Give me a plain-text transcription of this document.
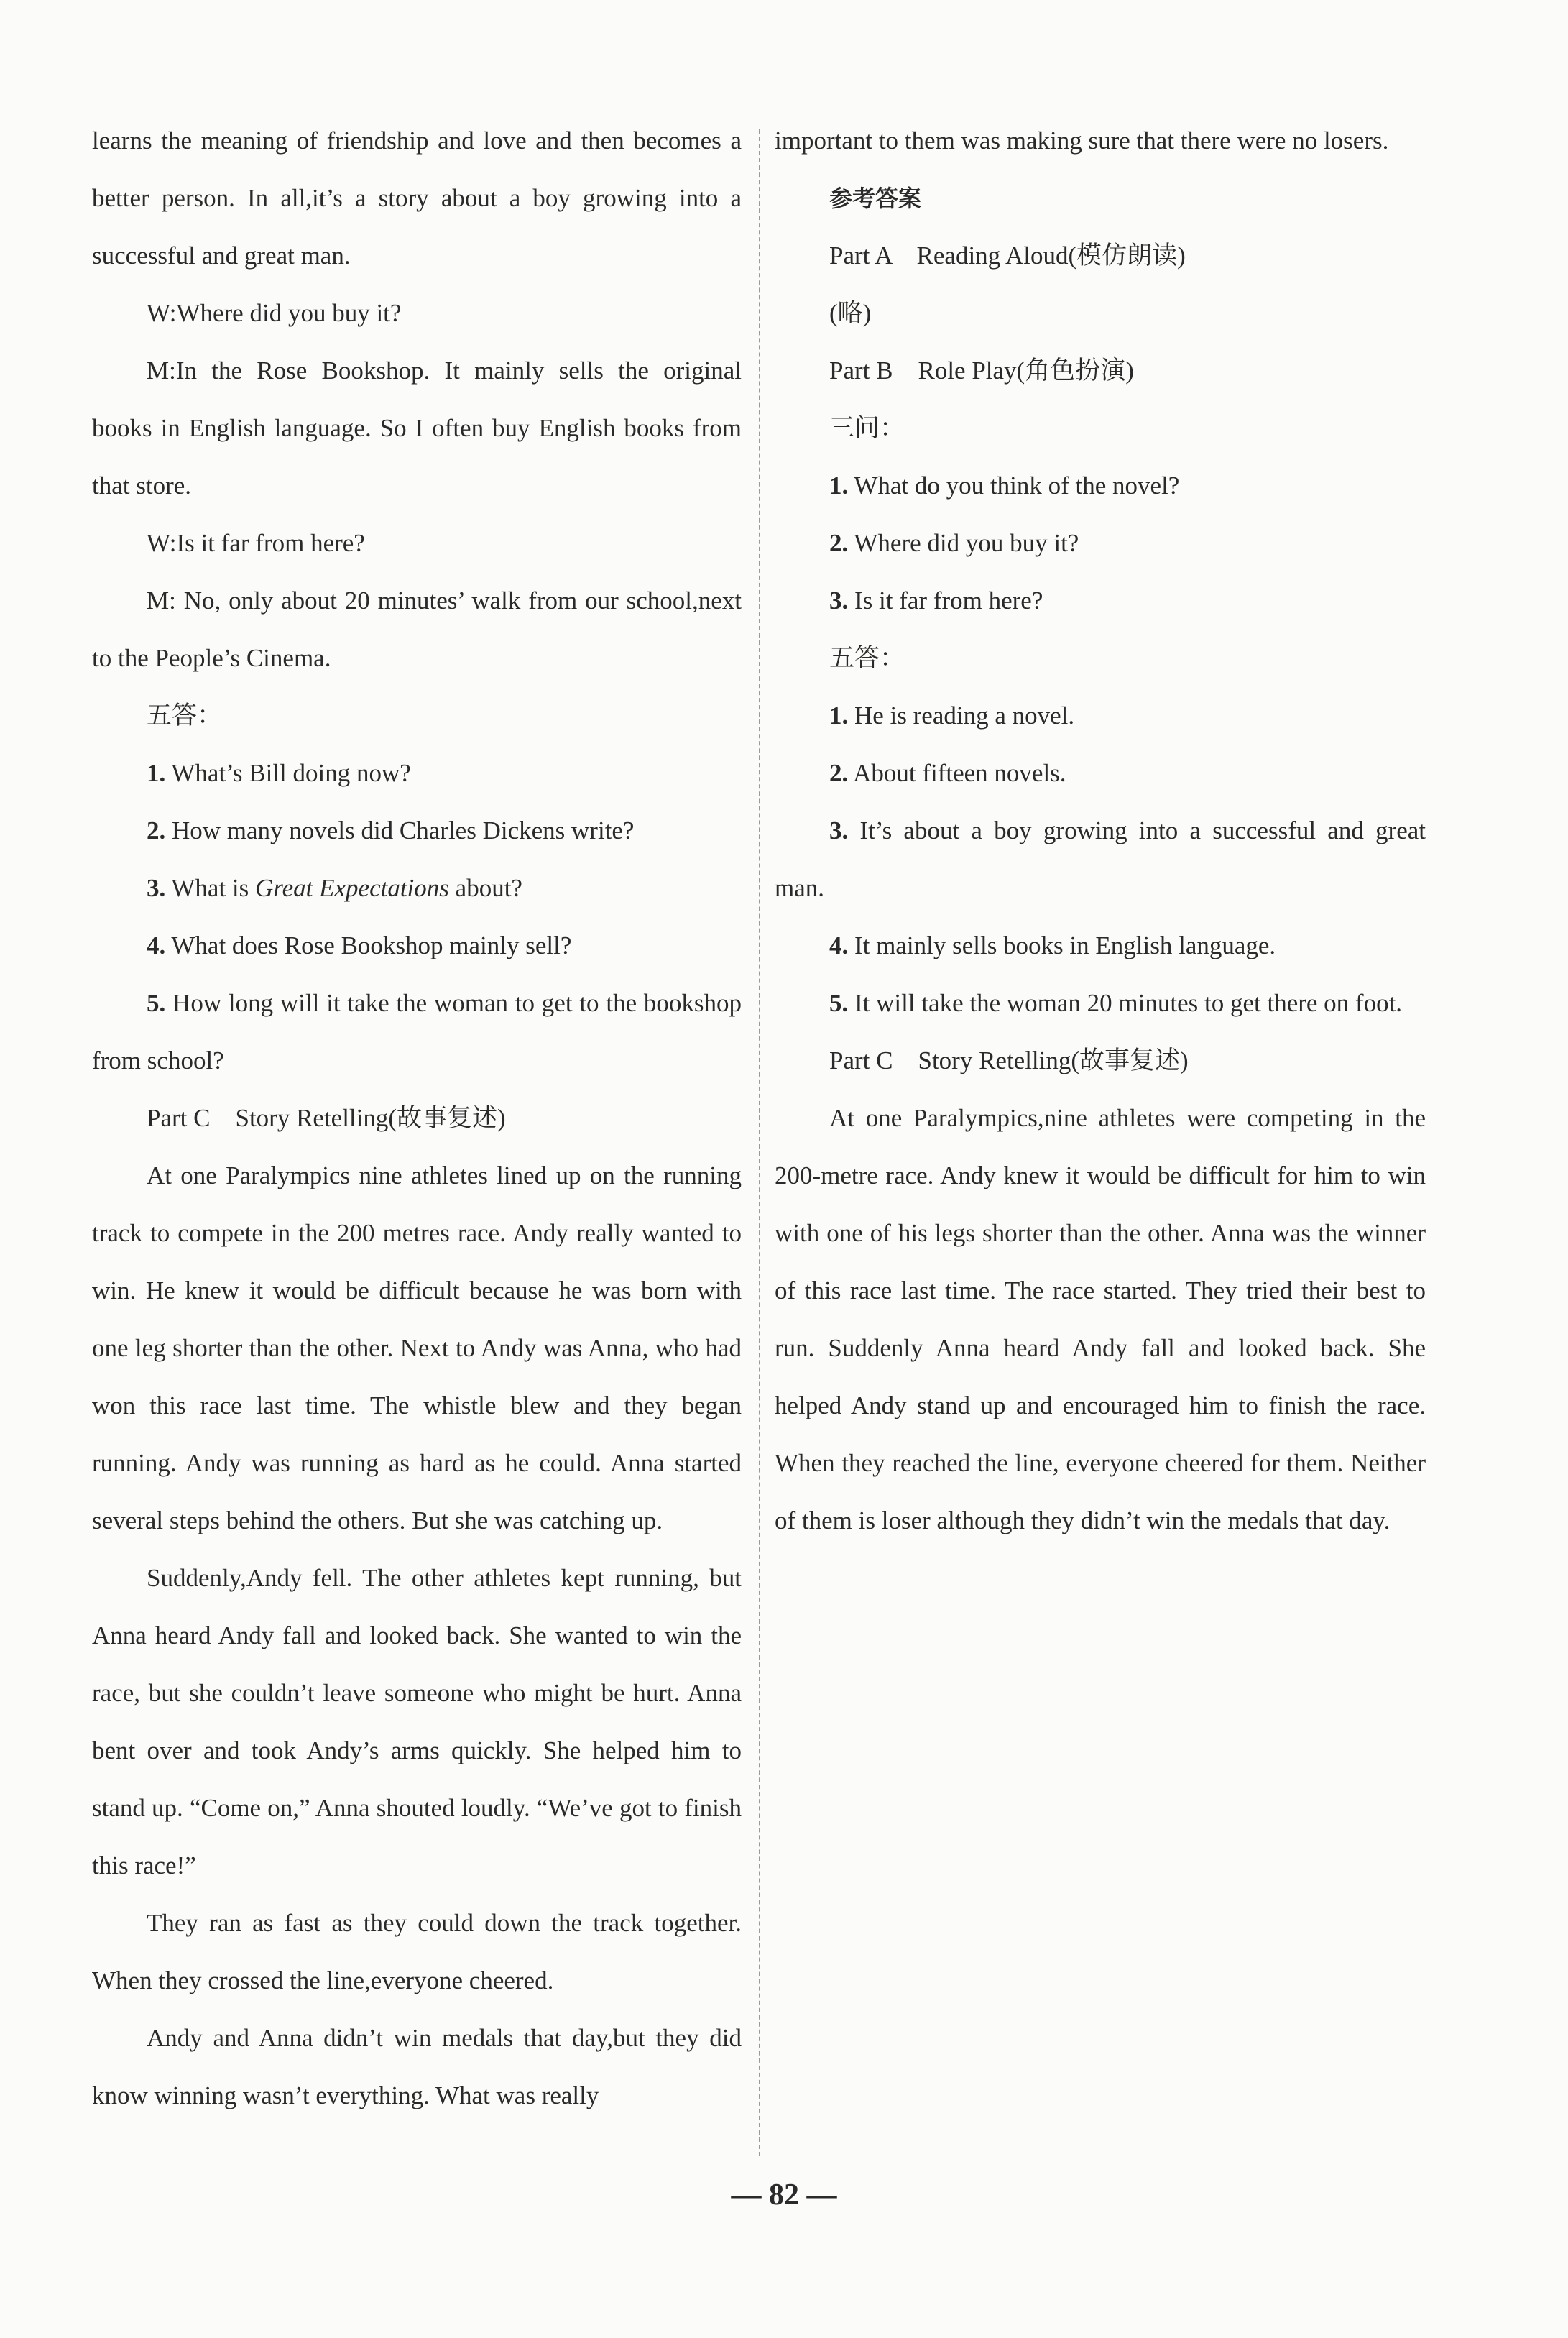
learns the meaning of friendship and love and then becomes a better person. In all,it’s a story about a boy growing into a successful and great man.

W:Where did you buy it?

M:In the Rose Bookshop. It mainly sells the original books in English language. So I often buy English books from that store.

W:Is it far from here?

M: No, only about 20 minutes’ walk from our school,next to the People’s Cinema.

五答：

1. What’s Bill doing now?

2. How many novels did Charles Dickens write?

3. What is Great Expectations about?

4. What does Rose Bookshop mainly sell?

5. How long will it take the woman to get to the bookshop from school?

Part C　Story Retelling(故事复述)

At one Paralympics nine athletes lined up on the running track to compete in the 200 metres race. Andy really wanted to win. He knew it would be difficult because he was born with one leg shorter than the other. Next to Andy was Anna, who had won this race last time. The whistle blew and they began running. Andy was running as hard as he could. Anna started several steps behind the others. But she was catching up.

Suddenly,Andy fell. The other athletes kept running, but Anna heard Andy fall and looked back. She wanted to win the race, but she couldn’t leave someone who might be hurt. Anna bent over and took Andy’s arms quickly. She helped him to stand up. “Come on,” Anna shouted loudly. “We’ve got to finish this race!”

They ran as fast as they could down the track together. When they crossed the line,everyone cheered.

Andy and Anna didn’t win medals that day,but they did know winning wasn’t everything. What was really

important to them was making sure that there were no losers.

参考答案

Part A　Reading Aloud(模仿朗读)

(略)

Part B　Role Play(角色扮演)

三问：

1. What do you think of the novel?

2. Where did you buy it?

3. Is it far from here?

五答：

1. He is reading a novel.

2. About fifteen novels.

3. It’s about a boy growing into a successful and great man.

4. It mainly sells books in English language.

5. It will take the woman 20 minutes to get there on foot.

Part C　Story Retelling(故事复述)

At one Paralympics,nine athletes were competing in the 200-metre race. Andy knew it would be difficult for him to win with one of his legs shorter than the other. Anna was the winner of this race last time. The race started. They tried their best to run. Suddenly Anna heard Andy fall and looked back. She helped Andy stand up and encouraged him to finish the race. When they reached the line, everyone cheered for them. Neither of them is loser although they didn’t win the medals that day.

— 82 —
